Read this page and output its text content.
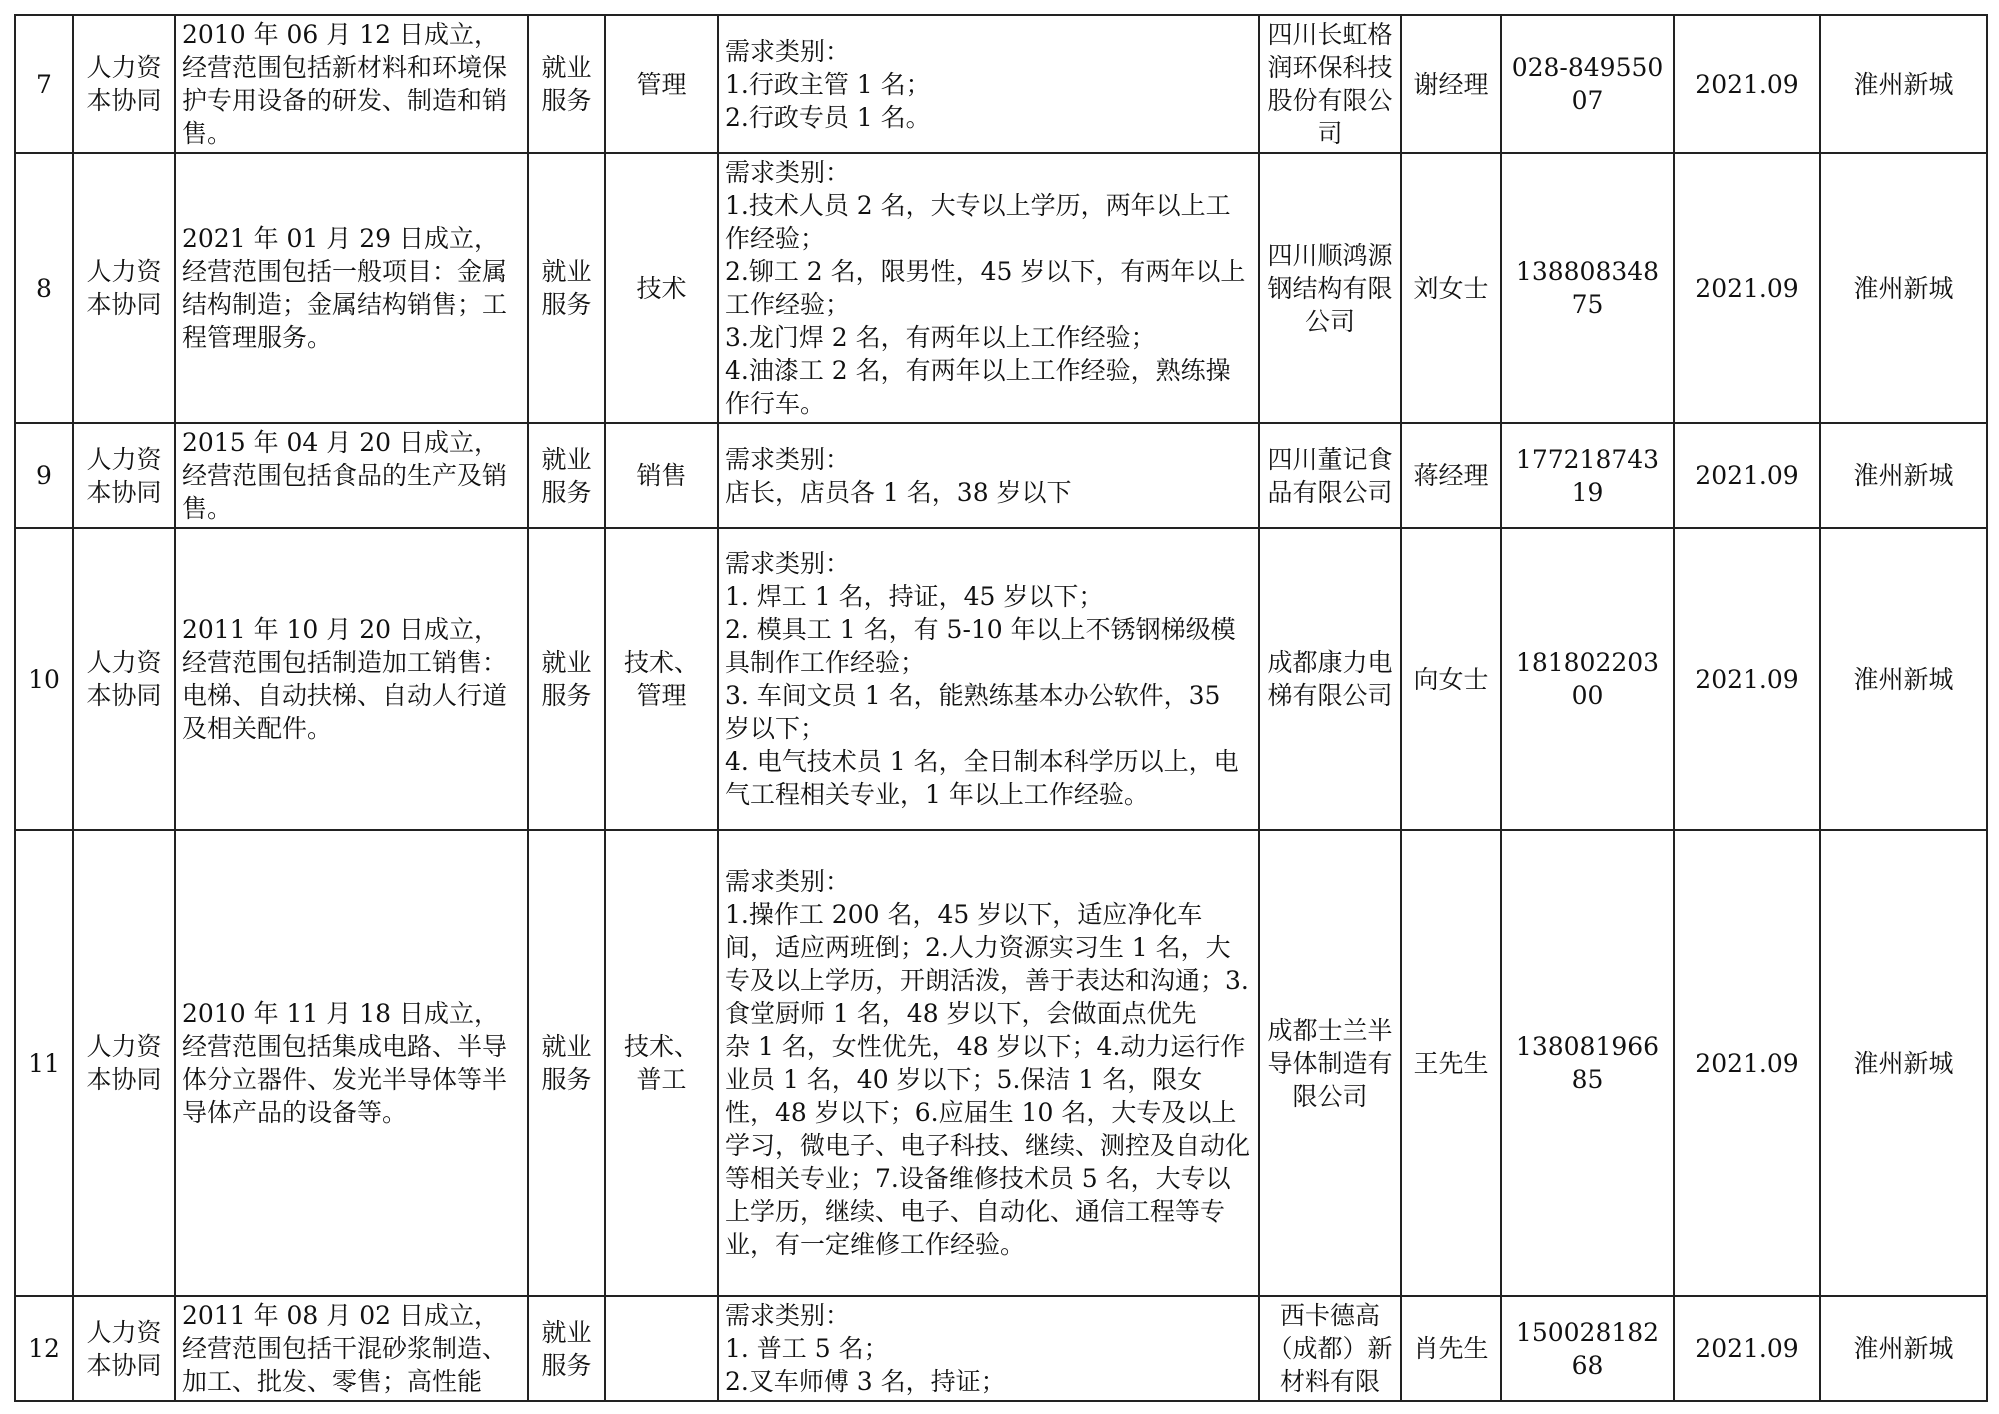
7	人力资本协同	2010 年 06 月 12 日成立，经营范围包括新材料和环境保护专用设备的研发、制造和销售。	就业服务	管理	需求类别：
1.行政主管 1 名；
2.行政专员 1 名。	四川长虹格润环保科技股份有限公司	谢经理	028-84955007	2021.09	淮州新城
8	人力资本协同	2021 年 01 月 29 日成立，经营范围包括一般项目：金属结构制造；金属结构销售；工程管理服务。	就业服务	技术	需求类别：
1.技术人员 2 名，大专以上学历，两年以上工作经验；
2.铆工 2 名，限男性，45 岁以下，有两年以上工作经验；
3.龙门焊 2 名，有两年以上工作经验；
4.油漆工 2 名，有两年以上工作经验，熟练操作行车。	四川顺鸿源钢结构有限公司	刘女士	13880834875	2021.09	淮州新城
9	人力资本协同	2015 年 04 月 20 日成立，经营范围包括食品的生产及销售。	就业服务	销售	需求类别：
店长，店员各 1 名，38 岁以下	四川董记食品有限公司	蒋经理	17721874319	2021.09	淮州新城
10	人力资本协同	2011 年 10 月 20 日成立，经营范围包括制造加工销售：电梯、自动扶梯、自动人行道及相关配件。	就业服务	技术、管理	需求类别：
1. 焊工 1 名，持证，45 岁以下；
2. 模具工 1 名，有 5-10 年以上不锈钢梯级模具制作工作经验；
3. 车间文员 1 名，能熟练基本办公软件，35 岁以下；
4. 电气技术员 1 名，全日制本科学历以上，电气工程相关专业，1 年以上工作经验。	成都康力电梯有限公司	向女士	18180220300	2021.09	淮州新城
11	人力资本协同	2010 年 11 月 18 日成立，经营范围包括集成电路、半导体分立器件、发光半导体等半导体产品的设备等。	就业服务	技术、普工	需求类别：
1.操作工 200 名，45 岁以下，适应净化车间，适应两班倒；2.人力资源实习生 1 名，大专及以上学历，开朗活泼，善于表达和沟通；3.食堂厨师 1 名，48 岁以下，会做面点优先
杂 1 名，女性优先，48 岁以下；4.动力运行作业员 1 名，40 岁以下；5.保洁 1 名，限女性，48 岁以下；6.应届生 10 名，大专及以上学习，微电子、电子科技、继续、测控及自动化等相关专业；7.设备维修技术员 5 名，大专以上学历，继续、电子、自动化、通信工程等专业，有一定维修工作经验。	成都士兰半导体制造有限公司	王先生	13808196685	2021.09	淮州新城
12	人力资本协同	2011 年 08 月 02 日成立，经营范围包括干混砂浆制造、加工、批发、零售；高性能	就业服务		需求类别：
1. 普工 5 名；
2.叉车师傅 3 名，持证；	西卡德高（成都）新材料有限	肖先生	15002818268	2021.09	淮州新城
